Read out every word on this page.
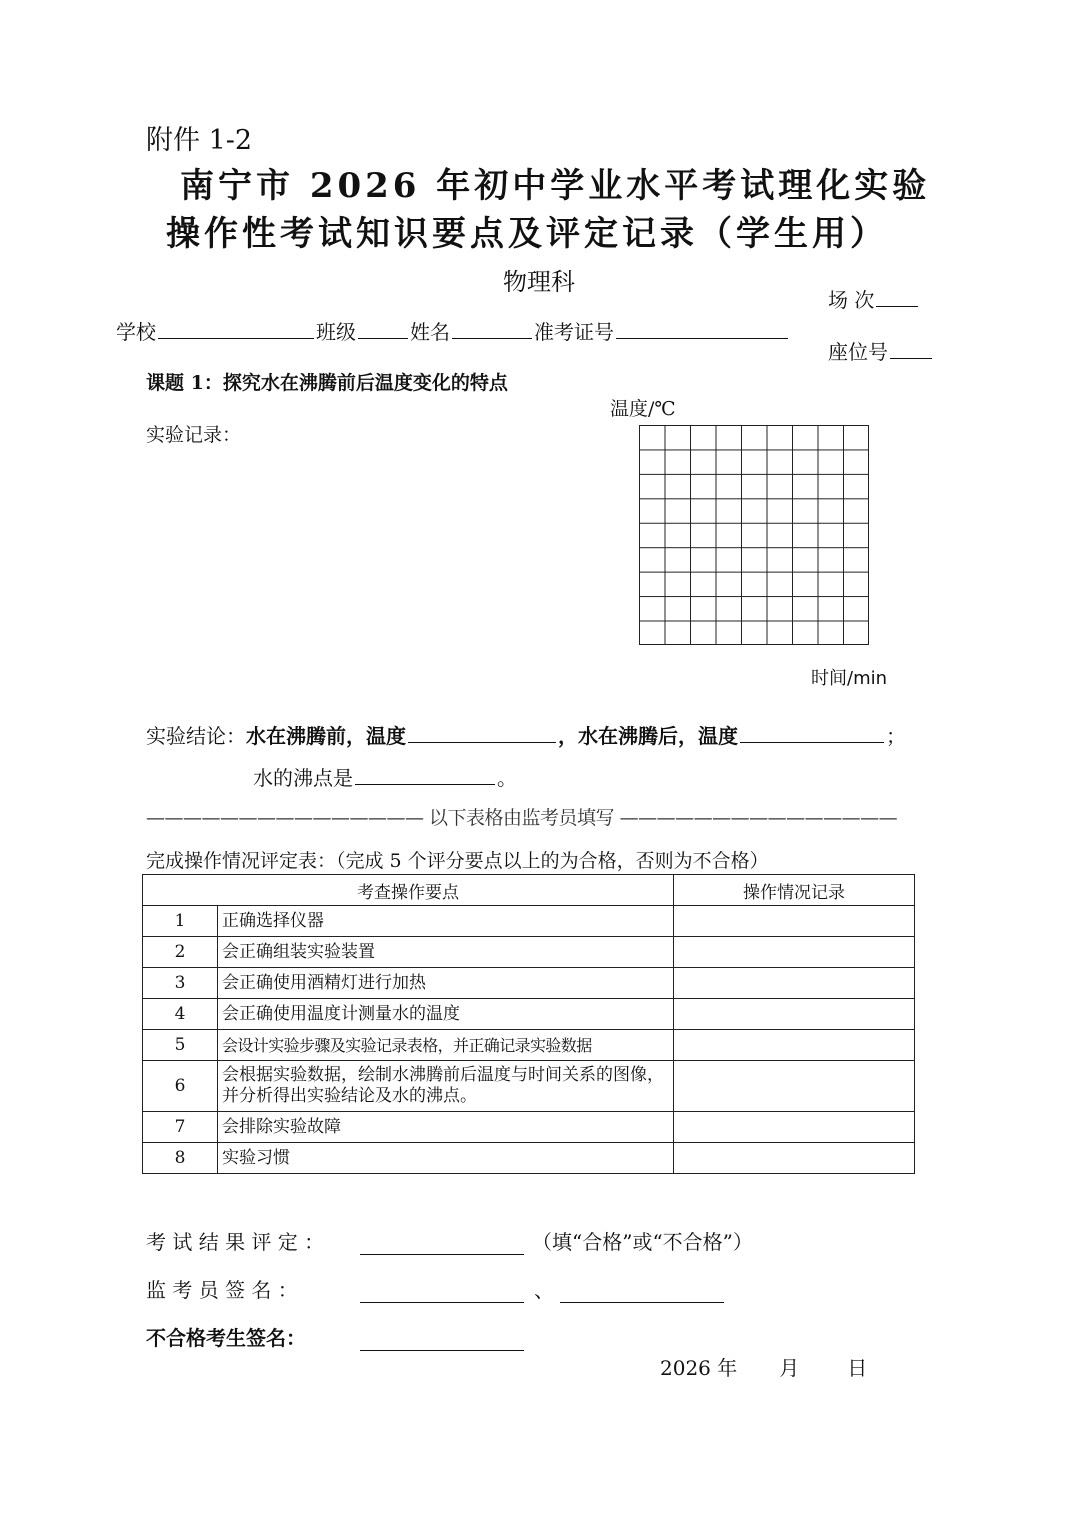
附件 1-2
南宁市 2026 年初中学业水平考试理化实验
操作性考试知识要点及评定记录（学生用）
物理科
场 次
座位号
学校	班级	姓名	准考证号
课题 1：探究水在沸腾前后温度变化的特点
实验记录：
温度/℃
时间/min
实验结论：水在沸腾前，温度	，水在沸腾后，温度	；
水的沸点是	。
——————————————— 以下表格由监考员填写 ———————————————
完成操作情况评定表：（完成 5 个评分要点以上的为合格，否则为不合格）
考查操作要点		操作情况记录
1	正确选择仪器	
2	会正确组装实验装置	
3	会正确使用酒精灯进行加热	
4	会正确使用温度计测量水的温度	
5	会设计实验步骤及实验记录表格，并正确记录实验数据	
6	会根据实验数据，绘制水沸腾前后温度与时间关系的图像，并分析得出实验结论及水的沸点。	
7	会排除实验故障	
8	实验习惯	
考 试 结 果 评 定 ：	（填“合格”或“不合格”）
监 考 员 签 名 ：	、
不合格考生签名：
2026 年 月 日
